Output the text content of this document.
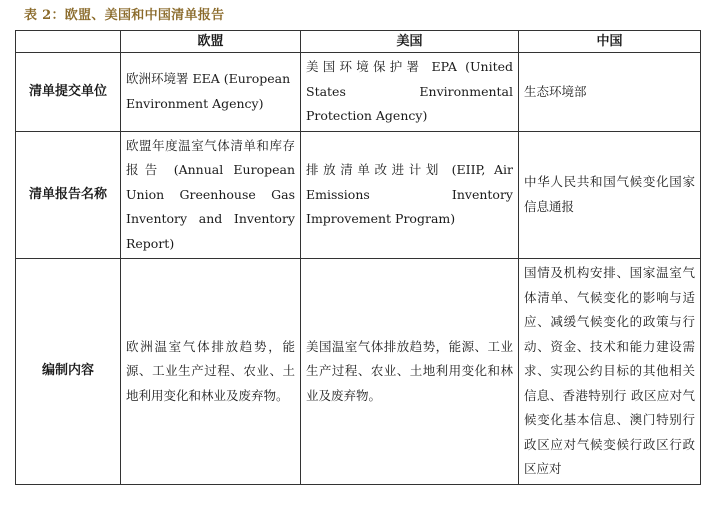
表 2：欧盟、美国和中国清单报告
	欧盟	美国	中国
清单提交单位	欧洲环境署 EEA (European Environment Agency)	美国环境保护署 EPA (United States Environmental Protection Agency)	生态环境部
清单报告名称	欧盟年度温室气体清单和库存报告 (Annual European Union Greenhouse Gas Inventory and Inventory Report)	排放清单改进计划 (EIIP, Air Emissions Inventory Improvement Program)	中华人民共和国气候变化国家信息通报
编制内容	欧洲温室气体排放趋势，能源、工业生产过程、农业、土地利用变化和林业及废弃物。	美国温室气体排放趋势，能源、工业生产过程、农业、土地利用变化和林业及废弃物。	国情及机构安排、国家温室气体清单、气候变化的影响与适应、减缓气候变化的政策与行动、资金、技术和能力建设需求、实现公约目标的其他相关信息、香港特别行 政区应对气候变化基本信息、澳门特别行政区应对气候变候行政区行政区应对
